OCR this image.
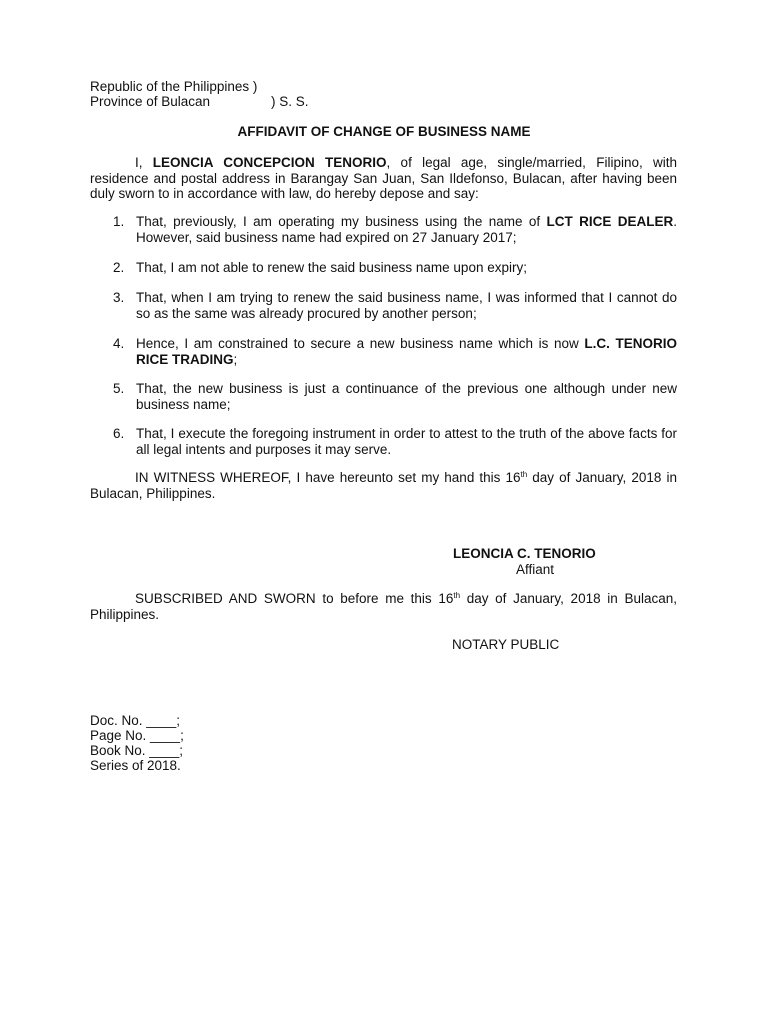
Republic of the Philippines )
Province of Bulacan	) S. S.
AFFIDAVIT OF CHANGE OF BUSINESS NAME
I, LEONCIA CONCEPCION TENORIO, of legal age, single/married, Filipino, with residence and postal address in Barangay San Juan, San Ildefonso, Bulacan, after having been duly sworn to in accordance with law, do hereby depose and say:
1. That, previously, I am operating my business using the name of LCT RICE DEALER. However, said business name had expired on 27 January 2017;
2. That, I am not able to renew the said business name upon expiry;
3. That, when I am trying to renew the said business name, I was informed that I cannot do so as the same was already procured by another person;
4. Hence, I am constrained to secure a new business name which is now L.C. TENORIO RICE TRADING;
5. That, the new business is just a continuance of the previous one although under new business name;
6. That, I execute the foregoing instrument in order to attest to the truth of the above facts for all legal intents and purposes it may serve.
IN WITNESS WHEREOF, I have hereunto set my hand this 16th day of January, 2018 in Bulacan, Philippines.
LEONCIA C. TENORIO
Affiant
SUBSCRIBED AND SWORN to before me this 16th day of January, 2018 in Bulacan, Philippines.
NOTARY PUBLIC
Doc. No. ____;
Page No. ____;
Book No. ____;
Series of 2018.
